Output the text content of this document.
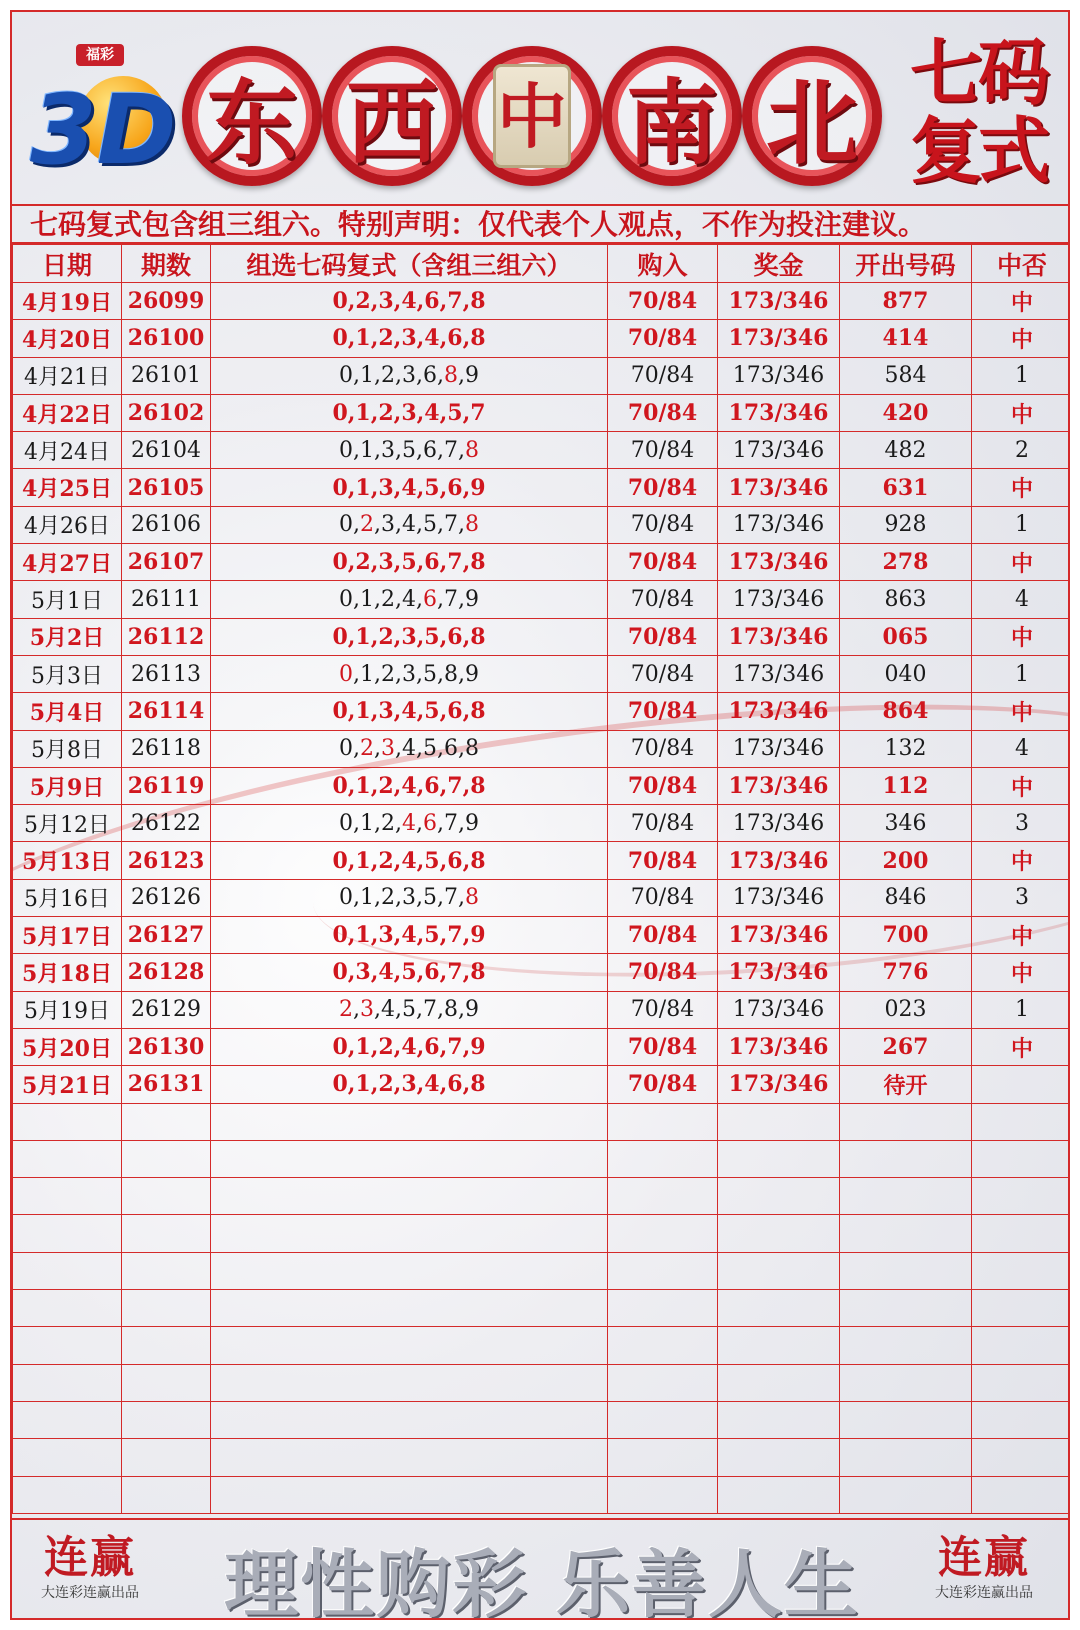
福彩
3D 东 西 中 南 北 七码
复式
七码复式包含组三组六。特别声明：仅代表个人观点，不作为投注建议。
日期	期数	组选七码复式（含组三组六）	购入	奖金	开出号码	中否
4月19日	26099	0,2,3,4,6,7,8	70/84	173/346	877	中
4月20日	26100	0,1,2,3,4,6,8	70/84	173/346	414	中
4月21日	26101	0,1,2,3,6,8,9	70/84	173/346	584	1
4月22日	26102	0,1,2,3,4,5,7	70/84	173/346	420	中
4月24日	26104	0,1,3,5,6,7,8	70/84	173/346	482	2
4月25日	26105	0,1,3,4,5,6,9	70/84	173/346	631	中
4月26日	26106	0,2,3,4,5,7,8	70/84	173/346	928	1
4月27日	26107	0,2,3,5,6,7,8	70/84	173/346	278	中
5月1日	26111	0,1,2,4,6,7,9	70/84	173/346	863	4
5月2日	26112	0,1,2,3,5,6,8	70/84	173/346	065	中
5月3日	26113	0,1,2,3,5,8,9	70/84	173/346	040	1
5月4日	26114	0,1,3,4,5,6,8	70/84	173/346	864	中
5月8日	26118	0,2,3,4,5,6,8	70/84	173/346	132	4
5月9日	26119	0,1,2,4,6,7,8	70/84	173/346	112	中
5月12日	26122	0,1,2,4,6,7,9	70/84	173/346	346	3
5月13日	26123	0,1,2,4,5,6,8	70/84	173/346	200	中
5月16日	26126	0,1,2,3,5,7,8	70/84	173/346	846	3
5月17日	26127	0,1,3,4,5,7,9	70/84	173/346	700	中
5月18日	26128	0,3,4,5,6,7,8	70/84	173/346	776	中
5月19日	26129	2,3,4,5,7,8,9	70/84	173/346	023	1
5月20日	26130	0,1,2,4,6,7,9	70/84	173/346	267	中
5月21日	26131	0,1,2,3,4,6,8	70/84	173/346	待开	

连赢
大连彩连赢出品 理性购彩 乐善人生	连赢
大连彩连赢出品
